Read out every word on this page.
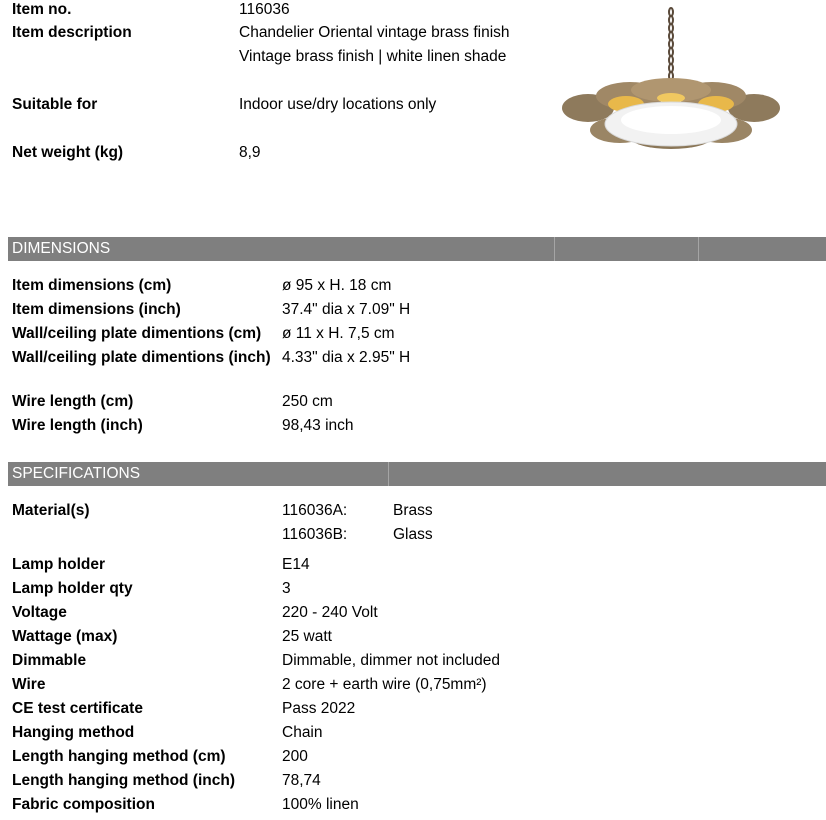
Item no.	116036
Item description	Chandelier Oriental vintage brass finish
Vintage brass finish | white linen shade
Suitable for	Indoor use/dry locations only
Net weight (kg)	8,9
DIMENSIONS
Item dimensions (cm)	ø 95 x H. 18 cm
Item dimensions (inch)	37.4" dia x 7.09" H
Wall/ceiling plate dimentions (cm) ø 11 x H. 7,5 cm
Wall/ceiling plate dimentions (inch) 4.33" dia x 2.95" H
Wire length (cm)	250 cm
Wire length (inch)	98,43 inch
SPECIFICATIONS
Material(s)	116036A:	Brass
116036B:	Glass
Lamp holder	E14
Lamp holder qty	3
Voltage	220 - 240 Volt
Wattage (max)	25 watt
Dimmable	Dimmable, dimmer not included
Wire	2 core + earth wire (0,75mm²)
CE test certificate	Pass 2022
Hanging method	Chain
Length hanging method (cm)	200
Length hanging method (inch)	78,74
Fabric composition	100% linen
